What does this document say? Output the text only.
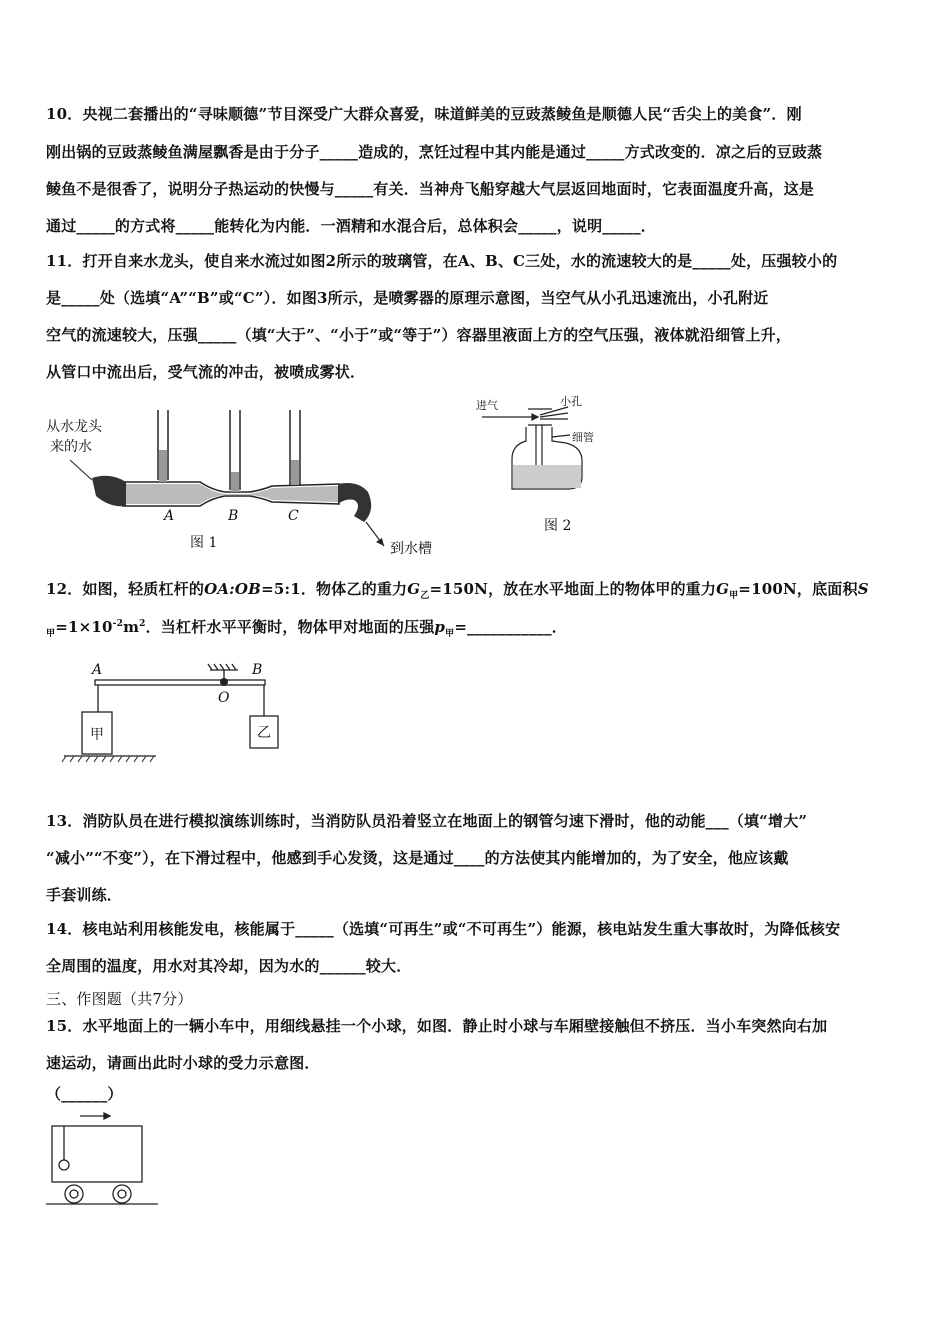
10．央视二套播出的“寻味顺德”节目深受广大群众喜爱，味道鲜美的豆豉蒸鲮鱼是顺德人民“舌尖上的美食”．刚
刚出锅的豆豉蒸鲮鱼满屋飘香是由于分子_____造成的，烹饪过程中其内能是通过_____方式改变的．凉之后的豆豉蒸
鲮鱼不是很香了，说明分子热运动的快慢与_____有关．当神舟飞船穿越大气层返回地面时，它表面温度升高，这是
通过_____的方式将_____能转化为内能．一酒精和水混合后，总体积会_____，说明_____．
11．打开自来水龙头，使自来水流过如图2所示的玻璃管，在A、B、C三处，水的流速较大的是_____处，压强较小的
是_____处（选填“A”“B”或“C”）．如图3所示，是喷雾器的原理示意图，当空气从小孔迅速流出，小孔附近
空气的流速较大，压强_____（填“大于”、“小于”或“等于”）容器里液面上方的空气压强，液体就沿细管上升，
从管口中流出后，受气流的冲击，被喷成雾状．
从水龙头
来的水
A	B	C
到水槽
图 1
进气	小孔
细管
图 2
12．如图，轻质杠杆的OA:OB=5:1．物体乙的重力$G_乙=150N$，放在水平地面上的物体甲的重力$G_甲=100N$，底面积S
$_甲=1\times 10^{-2}m^2$．当杠杆水平平衡时，物体甲对地面的压强$p_甲=\_\_\_\_\_\_\_\_\_\_\_$．
A	B
O
甲	乙
13．消防队员在进行模拟演练训练时，当消防队员沿着竖立在地面上的钢管匀速下滑时，他的动能___（填“增大”
“减小”“不变”），在下滑过程中，他感到手心发烫，这是通过____的方法使其内能增加的，为了安全，他应该戴
手套训练．
14．核电站利用核能发电，核能属于_____（选填“可再生”或“不可再生”）能源，核电站发生重大事故时，为降低核安
全周围的温度，用水对其冷却，因为水的______较大．
三、作图题（共7分）
15．水平地面上的一辆小车中，用细线悬挂一个小球，如图．静止时小球与车厢壁接触但不挤压．当小车突然向右加
速运动，请画出此时小球的受力示意图．
（______）
